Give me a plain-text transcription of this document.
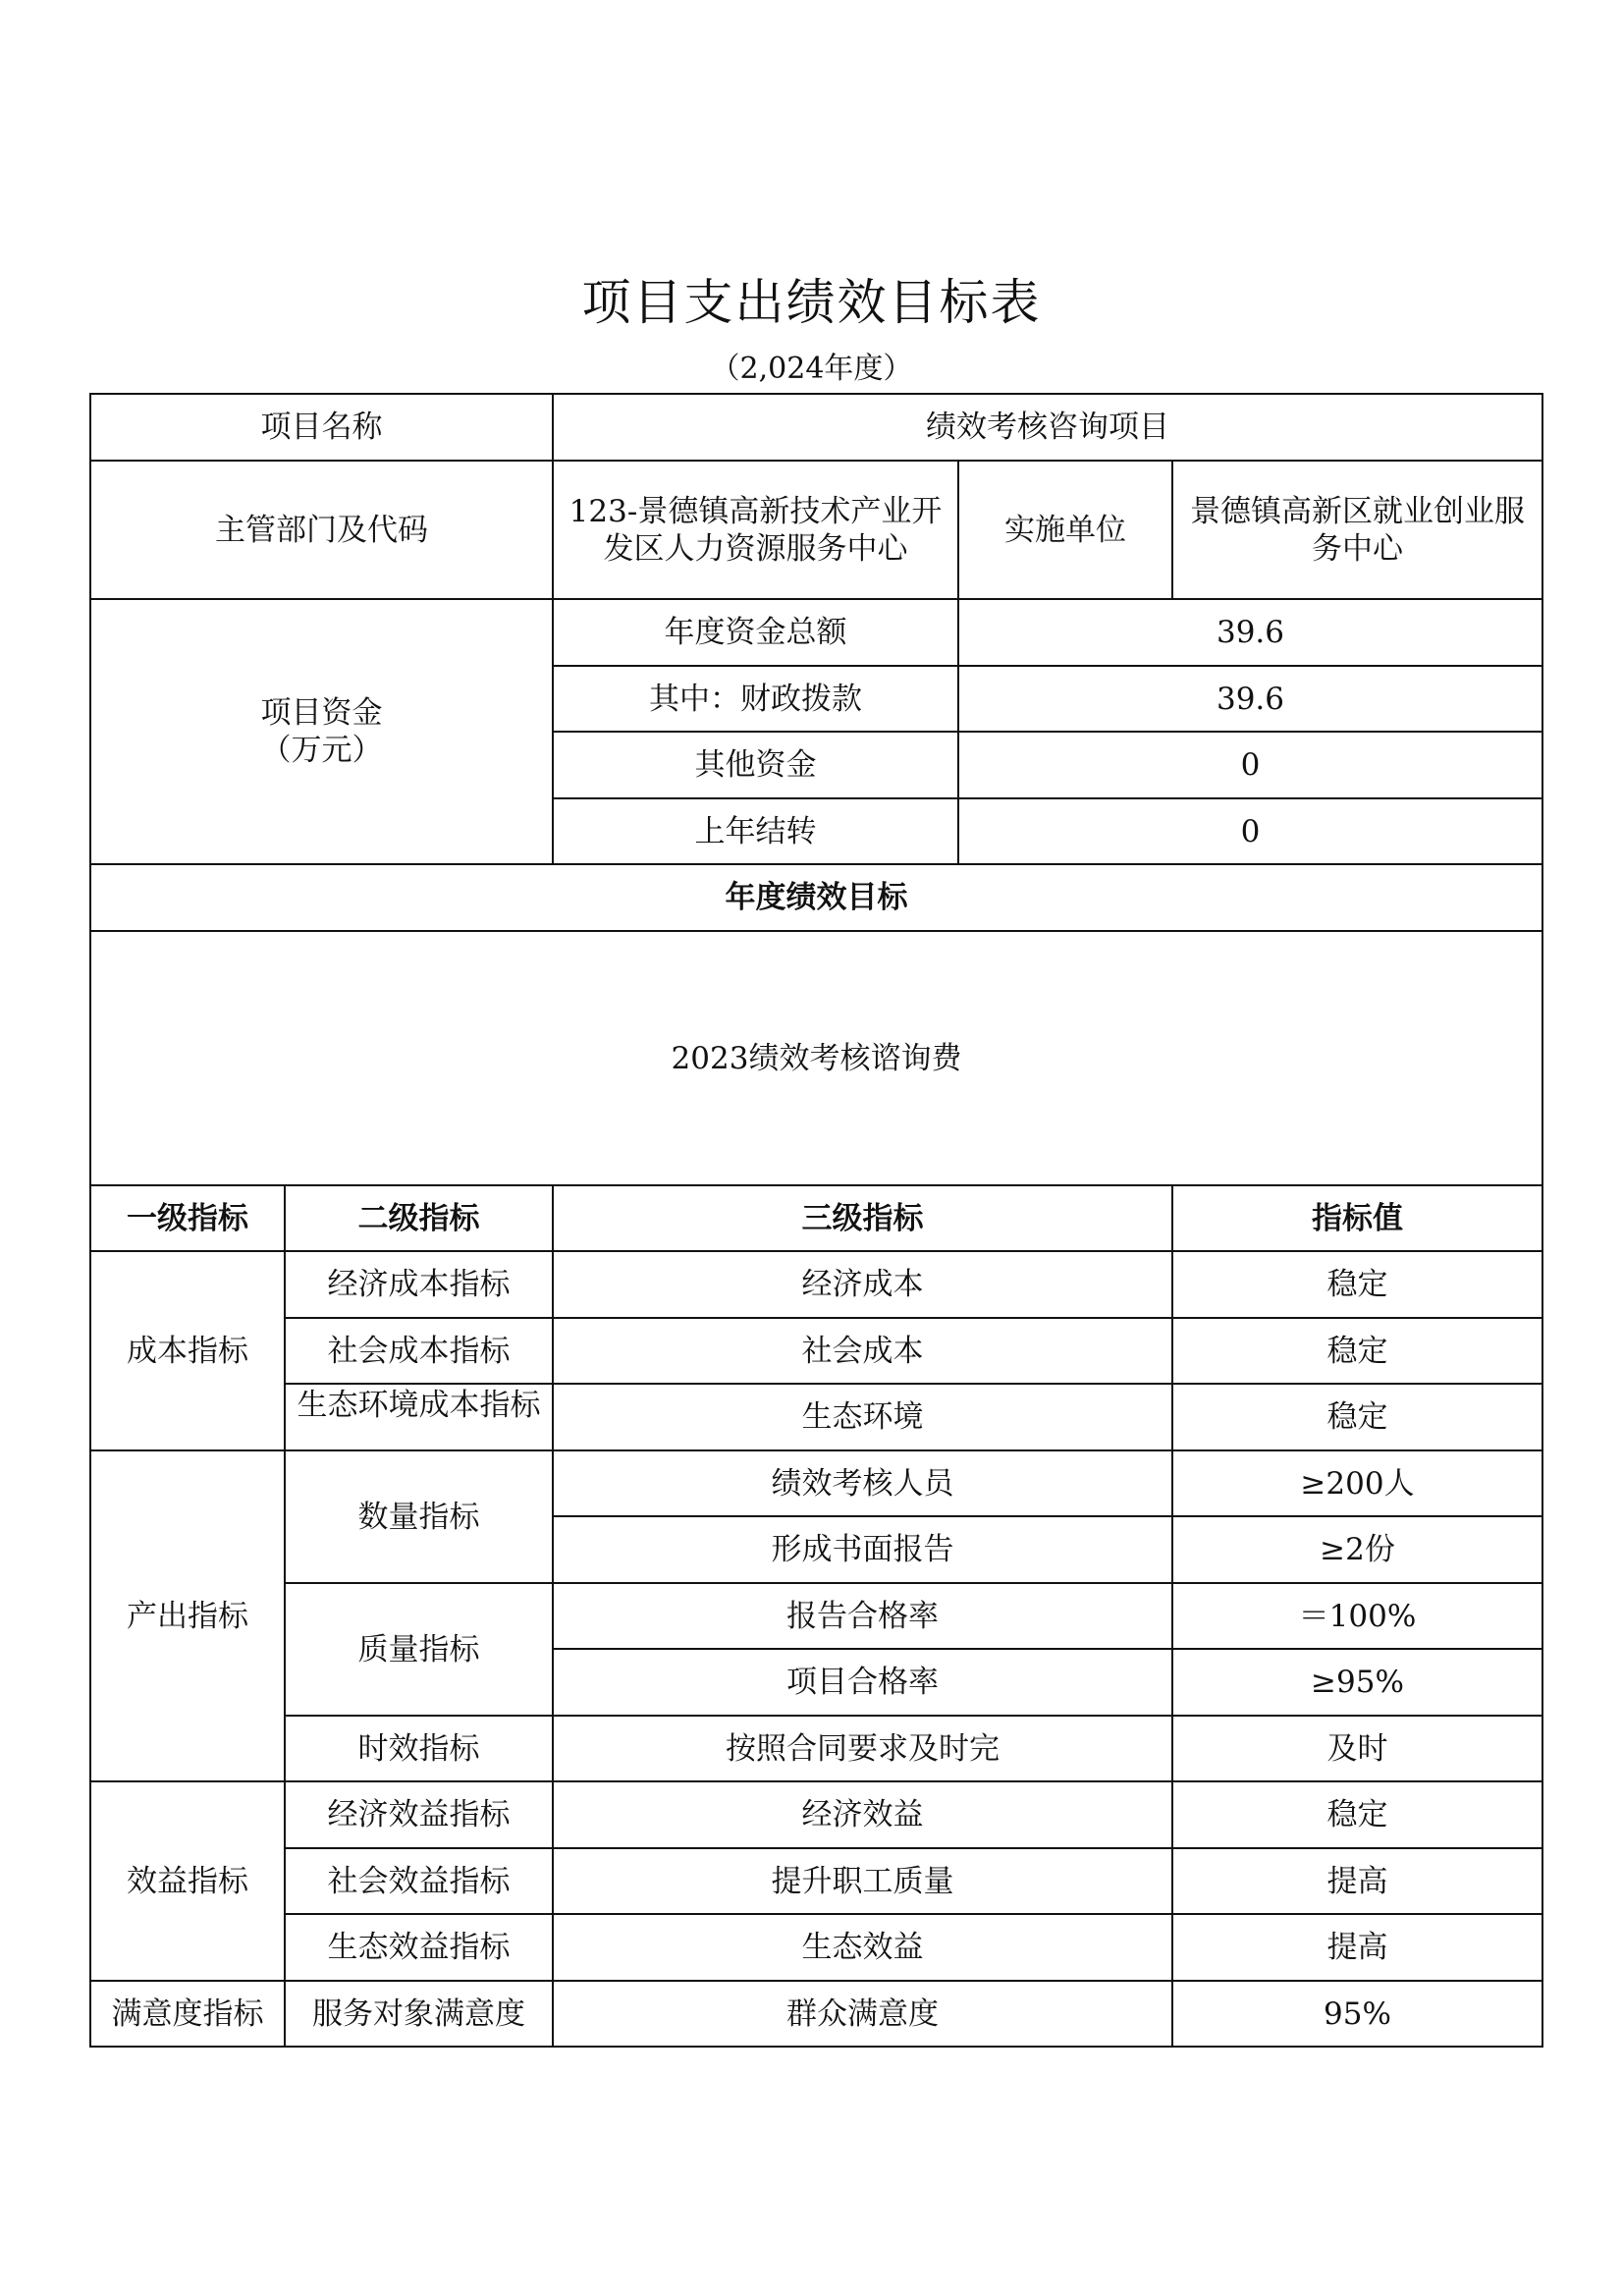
项目支出绩效目标表
（2,024年度）
项目名称		绩效考核咨询项目		
主管部门及代码		123-景德镇高新技术产业开发区人力资源服务中心	实施单位	景德镇高新区就业创业服务中心

项目资金
（万元）		年度资金总额	39.6	
		其中：财政拨款	39.6	
		其他资金	0	
		上年结转	0	
年度绩效目标				
2023绩效考核谘询费				
一级指标	二级指标	三级指标		指标值
成本指标	经济成本指标	经济成本		稳定
	社会成本指标	社会成本		稳定

	生态环境成本指标	生态环境		稳定
产出指标	数量指标	绩效考核人员		≥200人
		形成书面报告		≥2份
	质量指标	报告合格率		＝100%
		项目合格率		≥95%
	时效指标	按照合同要求及时完		及时
效益指标	经济效益指标	经济效益		稳定
	社会效益指标	提升职工质量		提高
	生态效益指标	生态效益		提高
满意度指标	服务对象满意度	群众满意度		95%
